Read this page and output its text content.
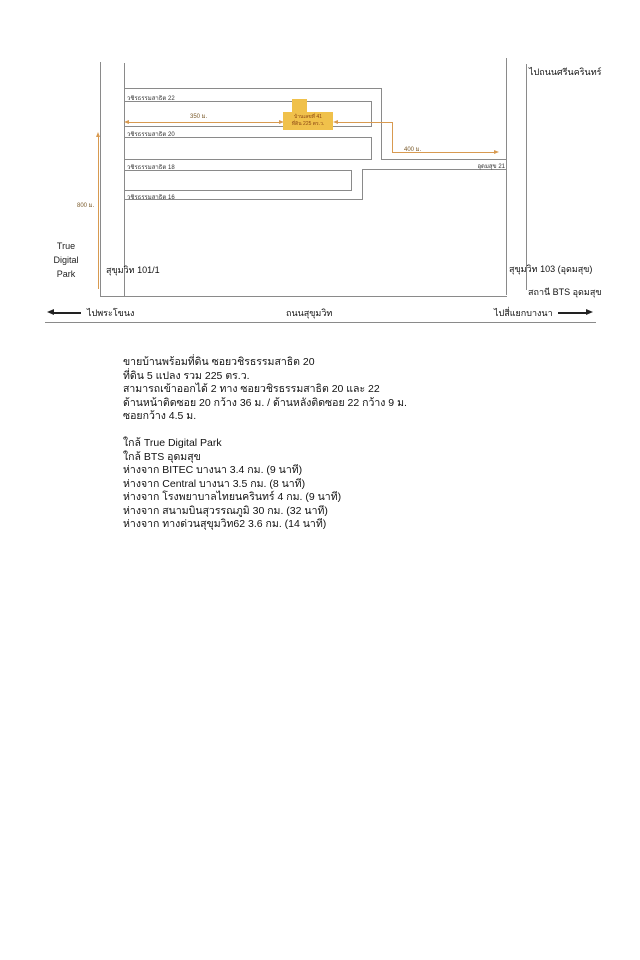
วชิรธรรมสาธิต 22
วชิรธรรมสาธิต 20
วชิรธรรมสาธิต 18
วชิรธรรมสาธิต 16
อุดมสุข 21
350 ม.
400 ม.
800 ม.
บ้านเลขที่ 41
ที่ดิน 225 ตร.ว.
ไปถนนศรีนครินทร์
True
Digital
Park	สุขุมวิท 101/1	สุขุมวิท 103 (อุดมสุข)
สถานี BTS อุดมสุข
ไปพระโขนง	ถนนสุขุมวิท	ไปสี่แยกบางนา
ขายบ้านพร้อมที่ดิน ซอยวชิรธรรมสาธิต 20
ที่ดิน 5 แปลง รวม 225 ตร.ว.
สามารถเข้าออกได้ 2 ทาง ซอยวชิรธรรมสาธิต 20 และ 22
ด้านหน้าติดซอย 20 กว้าง 36 ม. / ด้านหลังติดซอย 22 กว้าง 9 ม.
ซอยกว้าง 4.5 ม.
ใกล้ True Digital Park
ใกล้ BTS อุดมสุข
ห่างจาก BITEC บางนา 3.4 กม. (9 นาที)
ห่างจาก Central บางนา 3.5 กม. (8 นาที)
ห่างจาก โรงพยาบาลไทยนครินทร์ 4 กม. (9 นาที)
ห่างจาก สนามบินสุวรรณภูมิ 30 กม. (32 นาที)
ห่างจาก ทางด่วนสุขุมวิท62 3.6 กม. (14 นาที)
